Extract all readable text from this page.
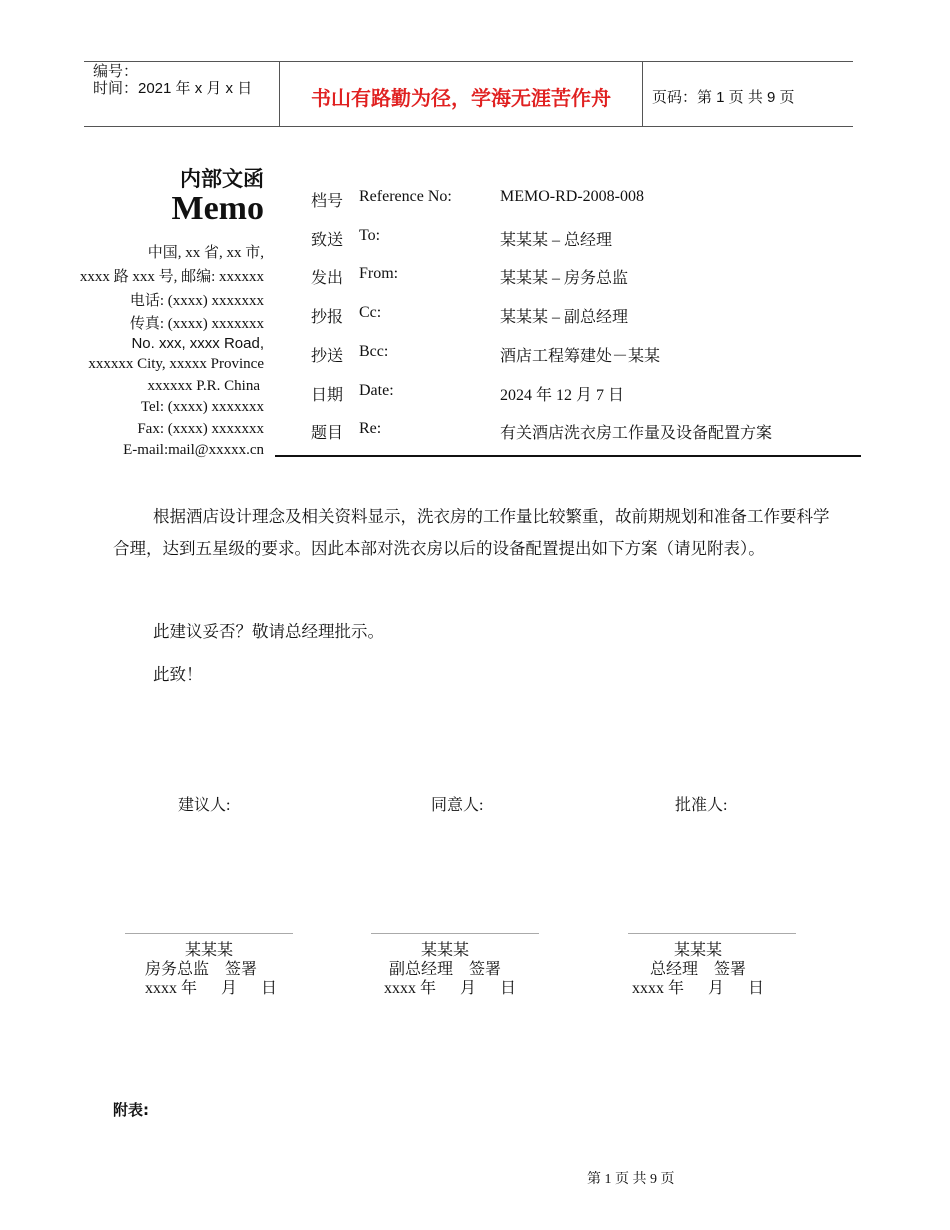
编号：
时间：2021 年 x 月 x 日	书山有路勤为径，学海无涯苦作舟	页码：第 1 页 共 9 页
内部文函
Memo
中国, xx 省, xx 市,
xxxx 路 xxx 号, 邮编: xxxxxx
电话: (xxxx) xxxxxxx
传真: (xxxx) xxxxxxx
No. xxx, xxxx Road,
xxxxxx City, xxxxx Province
xxxxxx P.R. China
Tel: (xxxx) xxxxxxx
Fax: (xxxx) xxxxxxx
E-mail:mail@xxxxx.cn
档号 Reference No:	MEMO-RD-2008-008
致送 To:	某某某 – 总经理
发出 From:	某某某 – 房务总监
抄报 Cc:	某某某 – 副总经理
抄送 Bcc:	酒店工程筹建处－某某
日期 Date:	2024 年 12 月 7 日
题目 Re:	有关酒店洗衣房工作量及设备配置方案
根据酒店设计理念及相关资料显示，洗衣房的工作量比较繁重，故前期规划和准备工作要科学
合理，达到五星级的要求。因此本部对洗衣房以后的设备配置提出如下方案（请见附表）。
此建议妥否？敬请总经理批示。
此致！
建议人:	同意人:	批准人:
某某某
房务总监    签署
xxxx 年      月      日
某某某
副总经理    签署
xxxx 年      月      日
某某某
总经理    签署
xxxx 年      月      日
附表:
第 1 页 共 9 页
